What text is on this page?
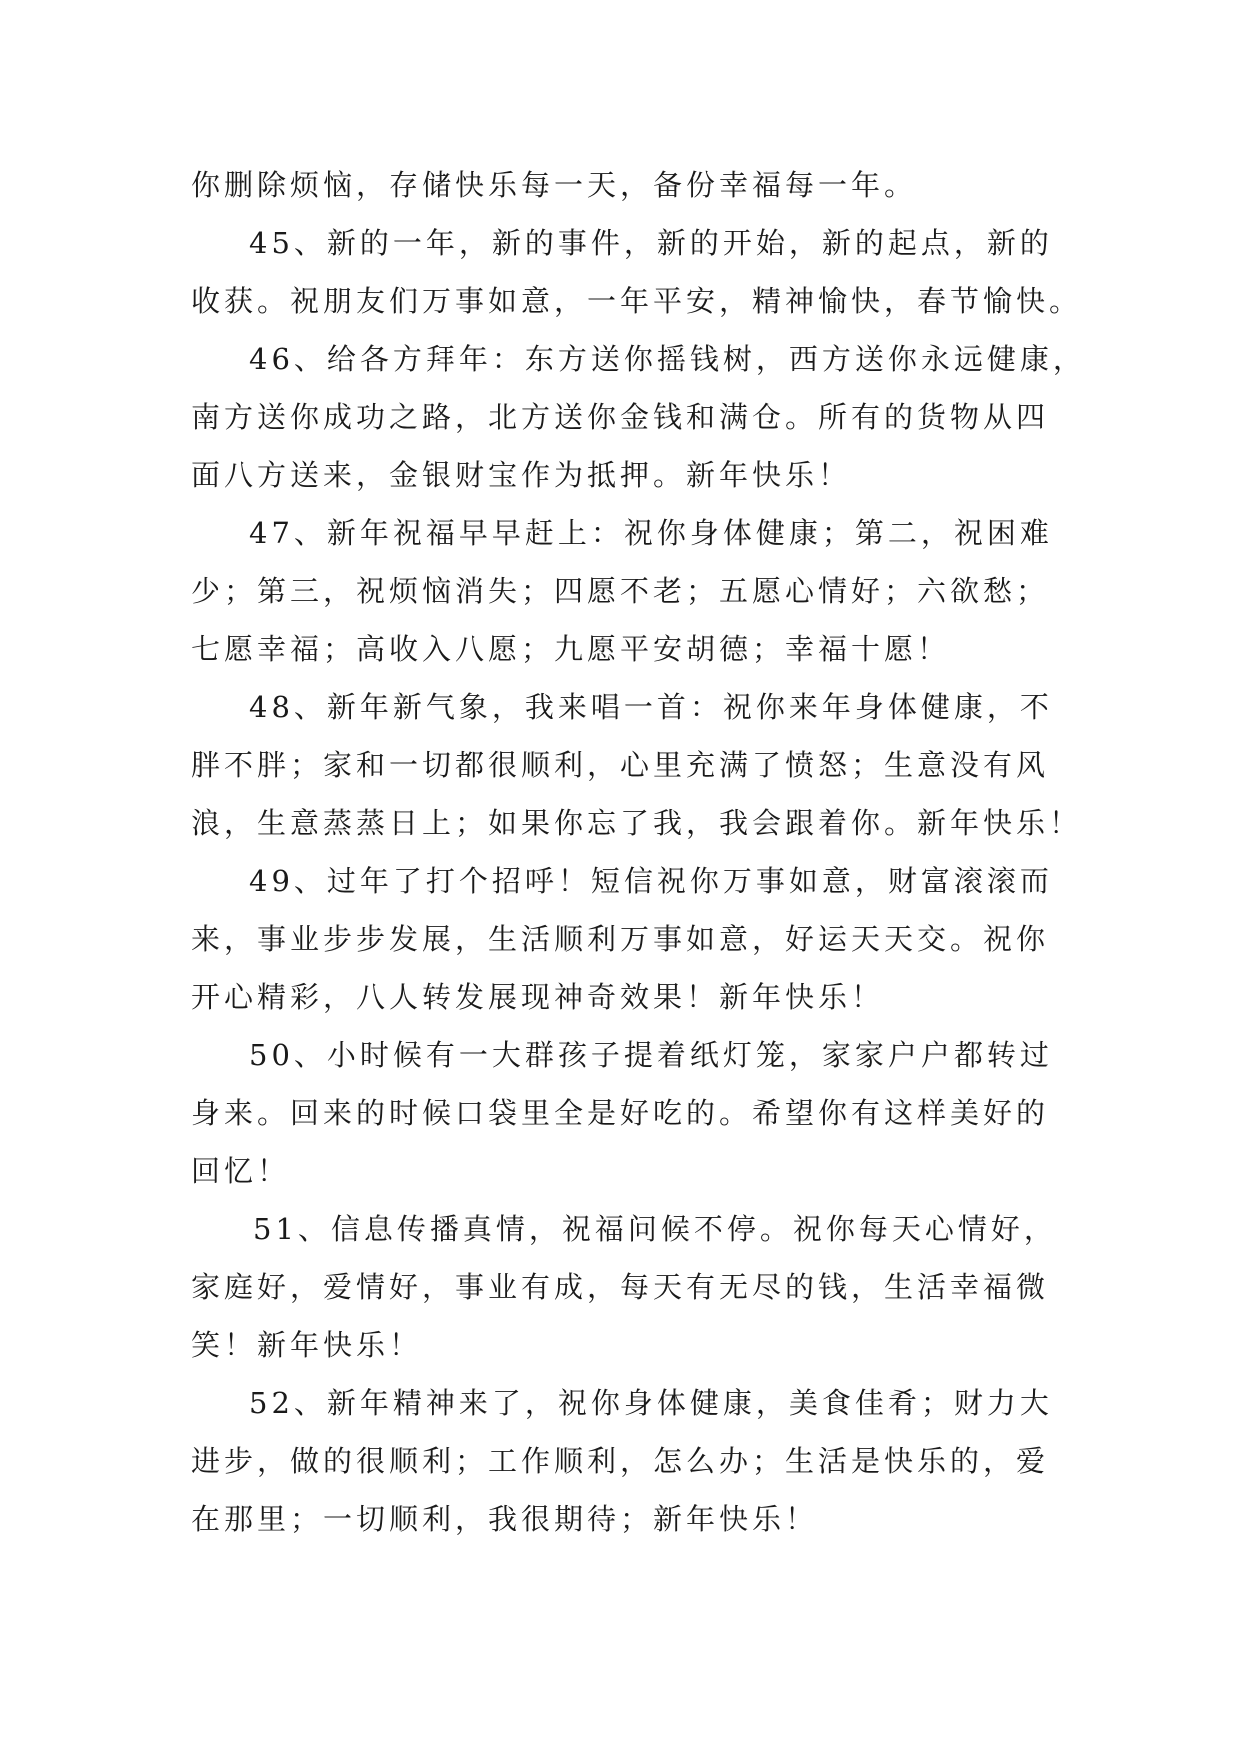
你删除烦恼，存储快乐每一天，备份幸福每一年。
45、新的一年，新的事件，新的开始，新的起点，新的
收获。祝朋友们万事如意，一年平安，精神愉快，春节愉快。
46、给各方拜年：东方送你摇钱树，西方送你永远健康，
南方送你成功之路，北方送你金钱和满仓。所有的货物从四
面八方送来，金银财宝作为抵押。新年快乐！
47、新年祝福早早赶上：祝你身体健康；第二，祝困难
少；第三，祝烦恼消失；四愿不老；五愿心情好；六欲愁；
七愿幸福；高收入八愿；九愿平安胡德；幸福十愿！
48、新年新气象，我来唱一首：祝你来年身体健康，不
胖不胖；家和一切都很顺利，心里充满了愤怒；生意没有风
浪，生意蒸蒸日上；如果你忘了我，我会跟着你。新年快乐！
49、过年了打个招呼！短信祝你万事如意，财富滚滚而
来，事业步步发展，生活顺利万事如意，好运天天交。祝你
开心精彩，八人转发展现神奇效果！新年快乐！
50、小时候有一大群孩子提着纸灯笼，家家户户都转过
身来。回来的时候口袋里全是好吃的。希望你有这样美好的
回忆！
51、信息传播真情，祝福问候不停。祝你每天心情好，
家庭好，爱情好，事业有成，每天有无尽的钱，生活幸福微
笑！新年快乐！
52、新年精神来了，祝你身体健康，美食佳肴；财力大
进步，做的很顺利；工作顺利，怎么办；生活是快乐的，爱
在那里；一切顺利，我很期待；新年快乐！
